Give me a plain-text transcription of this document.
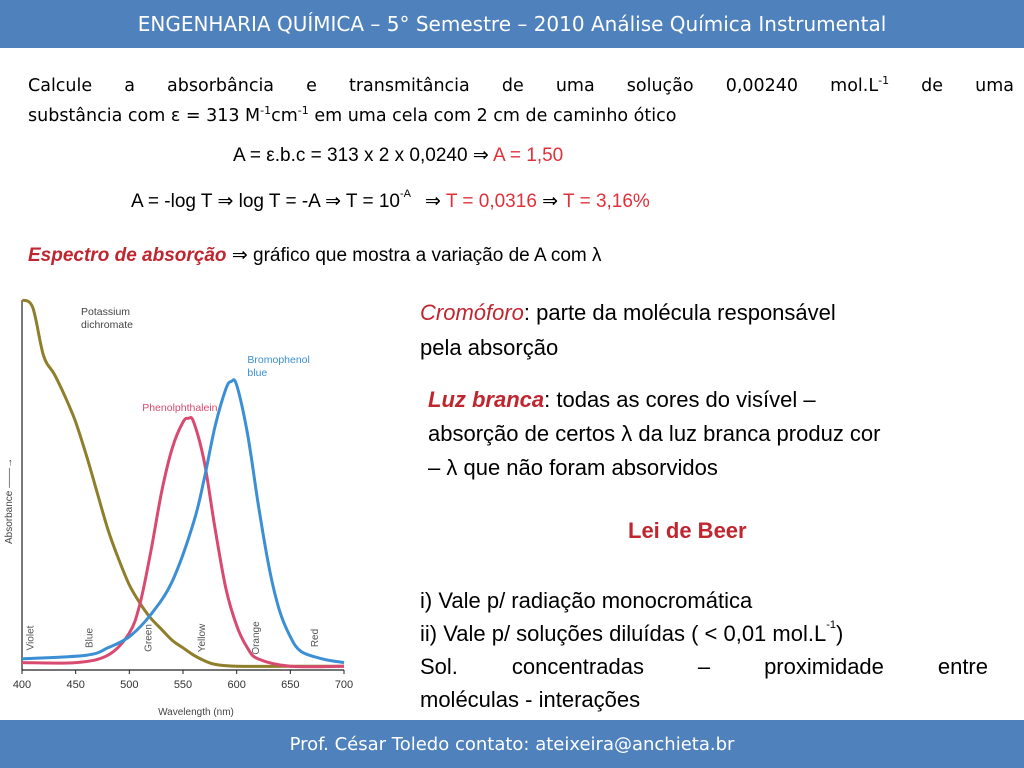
ENGENHARIA QUÍMICA – 5° Semestre – 2010 Análise Química Instrumental
Calcule a absorbância e transmitância de uma solução 0,00240 $mol.L^{-1}$ de uma
substância com ε = 313 $M^{-1}cm^{-1}$ em uma cela com 2 cm de caminho ótico
A = ε.b.c = 313 x 2 x 0,0240 ⇒ A = 1,50
A = -log T ⇒ log T = -A ⇒ $T = 10^{-A}$ ⇒ T = 0,0316 ⇒ T = 3,16%
Espectro de absorção ⇒ gráfico que mostra a variação de A com λ
Absorbance ——→
Wavelength (nm)
400	450	500	550	600	650	700
Violet	Blue	Green	Yellow	Orange	Red
Potassium
dichromate
Phenolphthalein
Bromophenol
blue
Cromóforo: parte da molécula responsável
pela absorção
Luz branca: todas as cores do visível –
absorção de certos λ da luz branca produz cor
– λ que não foram absorvidos
Lei de Beer
i) Vale p/ radiação monocromática
ii) Vale p/ soluções diluídas ( < 0,01 $mol.L^{-1}$)
Sol. concentradas – proximidade entre
moléculas - interações
Prof. César Toledo contato: ateixeira@anchieta.br
